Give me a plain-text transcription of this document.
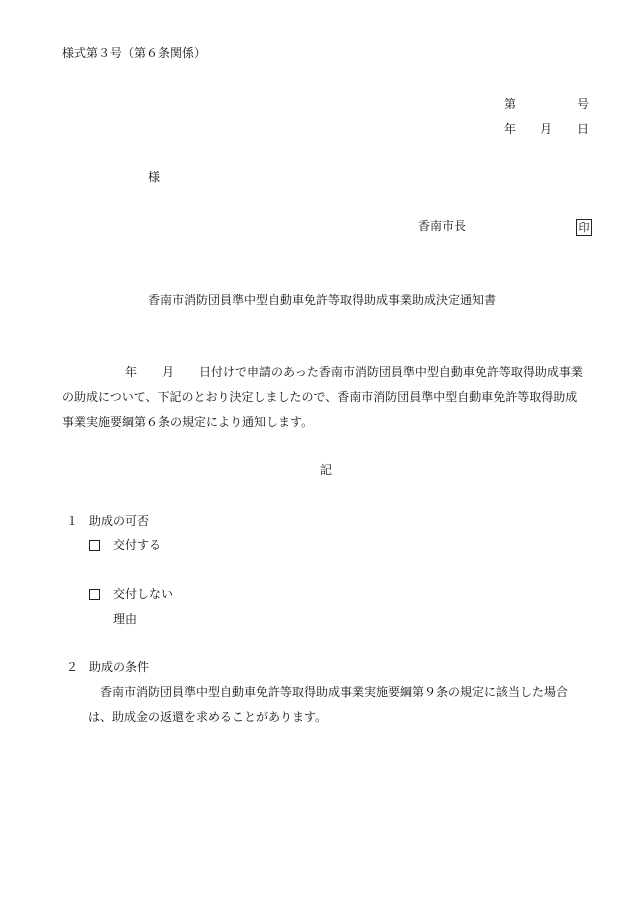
様式第３号（第６条関係）
第	号
年 月 日
様
香南市長	印
香南市消防団員準中型自動車免許等取得助成事業助成決定通知書
年 月 日付けで申請のあった香南市消防団員準中型自動車免許等取得助成事業
の助成について、下記のとおり決定しましたので、香南市消防団員準中型自動車免許等取得助成
事業実施要綱第６条の規定により通知します。
記
１ 助成の可否
交付する
交付しない
理由
２ 助成の条件
香南市消防団員準中型自動車免許等取得助成事業実施要綱第９条の規定に該当した場合
は、助成金の返還を求めることがあります。
